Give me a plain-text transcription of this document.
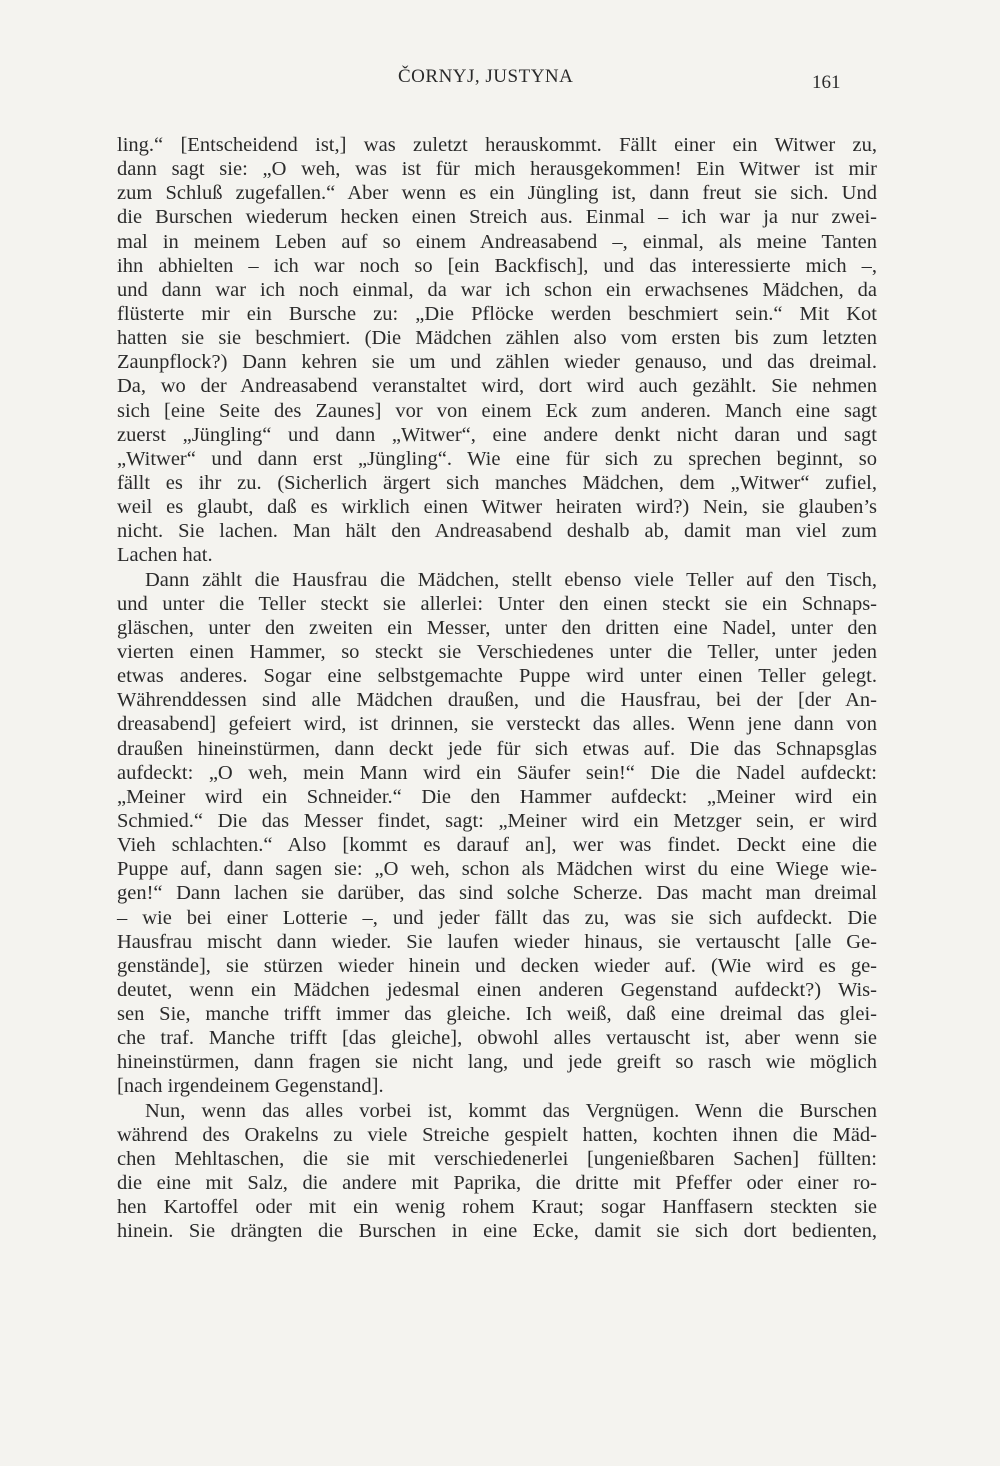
ČORNYJ, JUSTYNA	161
ling.“ [Entscheidend ist,] was zuletzt herauskommt. Fällt einer ein Witwer zu,
dann sagt sie: „O weh, was ist für mich herausgekommen! Ein Witwer ist mir
zum Schluß zugefallen.“ Aber wenn es ein Jüngling ist, dann freut sie sich. Und
die Burschen wiederum hecken einen Streich aus. Einmal – ich war ja nur zwei-
mal in meinem Leben auf so einem Andreasabend –, einmal, als meine Tanten
ihn abhielten – ich war noch so [ein Backfisch], und das interessierte mich –,
und dann war ich noch einmal, da war ich schon ein erwachsenes Mädchen, da
flüsterte mir ein Bursche zu: „Die Pflöcke werden beschmiert sein.“ Mit Kot
hatten sie sie beschmiert. (Die Mädchen zählen also vom ersten bis zum letzten
Zaunpflock?) Dann kehren sie um und zählen wieder genauso, und das dreimal.
Da, wo der Andreasabend veranstaltet wird, dort wird auch gezählt. Sie nehmen
sich [eine Seite des Zaunes] vor von einem Eck zum anderen. Manch eine sagt
zuerst „Jüngling“ und dann „Witwer“, eine andere denkt nicht daran und sagt
„Witwer“ und dann erst „Jüngling“. Wie eine für sich zu sprechen beginnt, so
fällt es ihr zu. (Sicherlich ärgert sich manches Mädchen, dem „Witwer“ zufiel,
weil es glaubt, daß es wirklich einen Witwer heiraten wird?) Nein, sie glauben’s
nicht. Sie lachen. Man hält den Andreasabend deshalb ab, damit man viel zum
Lachen hat.
Dann zählt die Hausfrau die Mädchen, stellt ebenso viele Teller auf den Tisch,
und unter die Teller steckt sie allerlei: Unter den einen steckt sie ein Schnaps-
gläschen, unter den zweiten ein Messer, unter den dritten eine Nadel, unter den
vierten einen Hammer, so steckt sie Verschiedenes unter die Teller, unter jeden
etwas anderes. Sogar eine selbstgemachte Puppe wird unter einen Teller gelegt.
Währenddessen sind alle Mädchen draußen, und die Hausfrau, bei der [der An-
dreasabend] gefeiert wird, ist drinnen, sie versteckt das alles. Wenn jene dann von
draußen hineinstürmen, dann deckt jede für sich etwas auf. Die das Schnapsglas
aufdeckt: „O weh, mein Mann wird ein Säufer sein!“ Die die Nadel aufdeckt:
„Meiner wird ein Schneider.“ Die den Hammer aufdeckt: „Meiner wird ein
Schmied.“ Die das Messer findet, sagt: „Meiner wird ein Metzger sein, er wird
Vieh schlachten.“ Also [kommt es darauf an], wer was findet. Deckt eine die
Puppe auf, dann sagen sie: „O weh, schon als Mädchen wirst du eine Wiege wie-
gen!“ Dann lachen sie darüber, das sind solche Scherze. Das macht man dreimal
– wie bei einer Lotterie –, und jeder fällt das zu, was sie sich aufdeckt. Die
Hausfrau mischt dann wieder. Sie laufen wieder hinaus, sie vertauscht [alle Ge-
genstände], sie stürzen wieder hinein und decken wieder auf. (Wie wird es ge-
deutet, wenn ein Mädchen jedesmal einen anderen Gegenstand aufdeckt?) Wis-
sen Sie, manche trifft immer das gleiche. Ich weiß, daß eine dreimal das glei-
che traf. Manche trifft [das gleiche], obwohl alles vertauscht ist, aber wenn sie
hineinstürmen, dann fragen sie nicht lang, und jede greift so rasch wie möglich
[nach irgendeinem Gegenstand].
Nun, wenn das alles vorbei ist, kommt das Vergnügen. Wenn die Burschen
während des Orakelns zu viele Streiche gespielt hatten, kochten ihnen die Mäd-
chen Mehltaschen, die sie mit verschiedenerlei [ungenießbaren Sachen] füllten:
die eine mit Salz, die andere mit Paprika, die dritte mit Pfeffer oder einer ro-
hen Kartoffel oder mit ein wenig rohem Kraut; sogar Hanffasern steckten sie
hinein. Sie drängten die Burschen in eine Ecke, damit sie sich dort bedienten,
